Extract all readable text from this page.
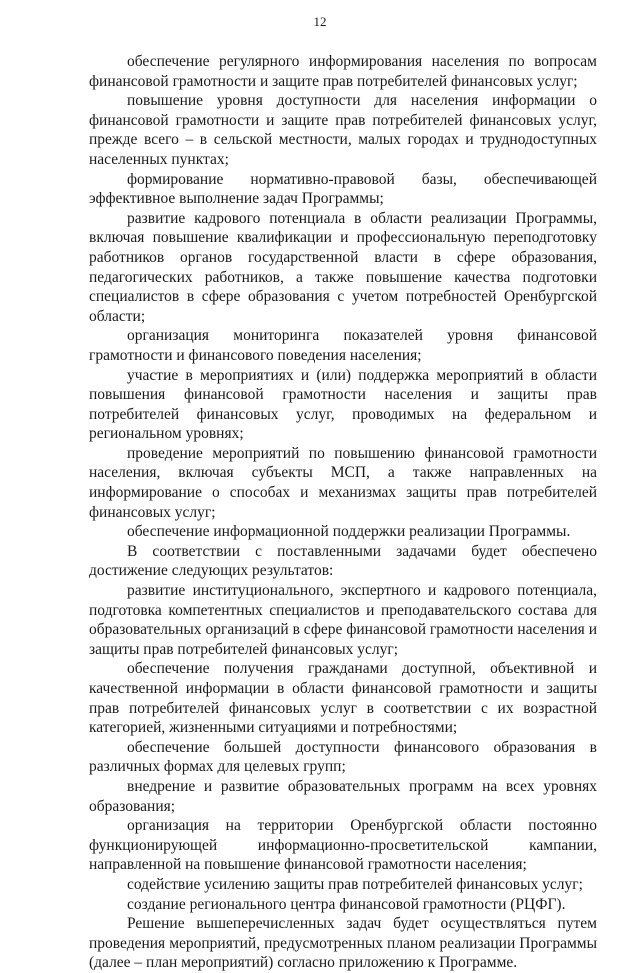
12

обеспечение регулярного информирования населения по вопросам финансовой грамотности и защите прав потребителей финансовых услуг;

повышение уровня доступности для населения информации о финансовой грамотности и защите прав потребителей финансовых услуг, прежде всего – в сельской местности, малых городах и труднодоступных населенных пунктах;

формирование нормативно-правовой базы, обеспечивающей эффективное выполнение задач Программы;

развитие кадрового потенциала в области реализации Программы, включая повышение квалификации и профессиональную переподготовку работников органов государственной власти в сфере образования, педагогических работников, а также повышение качества подготовки специалистов в сфере образования с учетом потребностей Оренбургской области;

организация мониторинга показателей уровня финансовой грамотности и финансового поведения населения;

участие в мероприятиях и (или) поддержка мероприятий в области повышения финансовой грамотности населения и защиты прав потребителей финансовых услуг, проводимых на федеральном и региональном уровнях;

проведение мероприятий по повышению финансовой грамотности населения, включая субъекты МСП, а также направленных на информирование о способах и механизмах защиты прав потребителей финансовых услуг;

обеспечение информационной поддержки реализации Программы.

В соответствии с поставленными задачами будет обеспечено достижение следующих результатов:

развитие институционального, экспертного и кадрового потенциала, подготовка компетентных специалистов и преподавательского состава для образовательных организаций в сфере финансовой грамотности населения и защиты прав потребителей финансовых услуг;

обеспечение получения гражданами доступной, объективной и качественной информации в области финансовой грамотности и защиты прав потребителей финансовых услуг в соответствии с их возрастной категорией, жизненными ситуациями и потребностями;

обеспечение большей доступности финансового образования в различных формах для целевых групп;

внедрение и развитие образовательных программ на всех уровнях образования;

организация на территории Оренбургской области постоянно функционирующей информационно-просветительской кампании, направленной на повышение финансовой грамотности населения;

содействие усилению защиты прав потребителей финансовых услуг;

создание регионального центра финансовой грамотности (РЦФГ).

Решение вышеперечисленных задач будет осуществляться путем проведения мероприятий, предусмотренных планом реализации Программы (далее – план мероприятий) согласно приложению к Программе.
